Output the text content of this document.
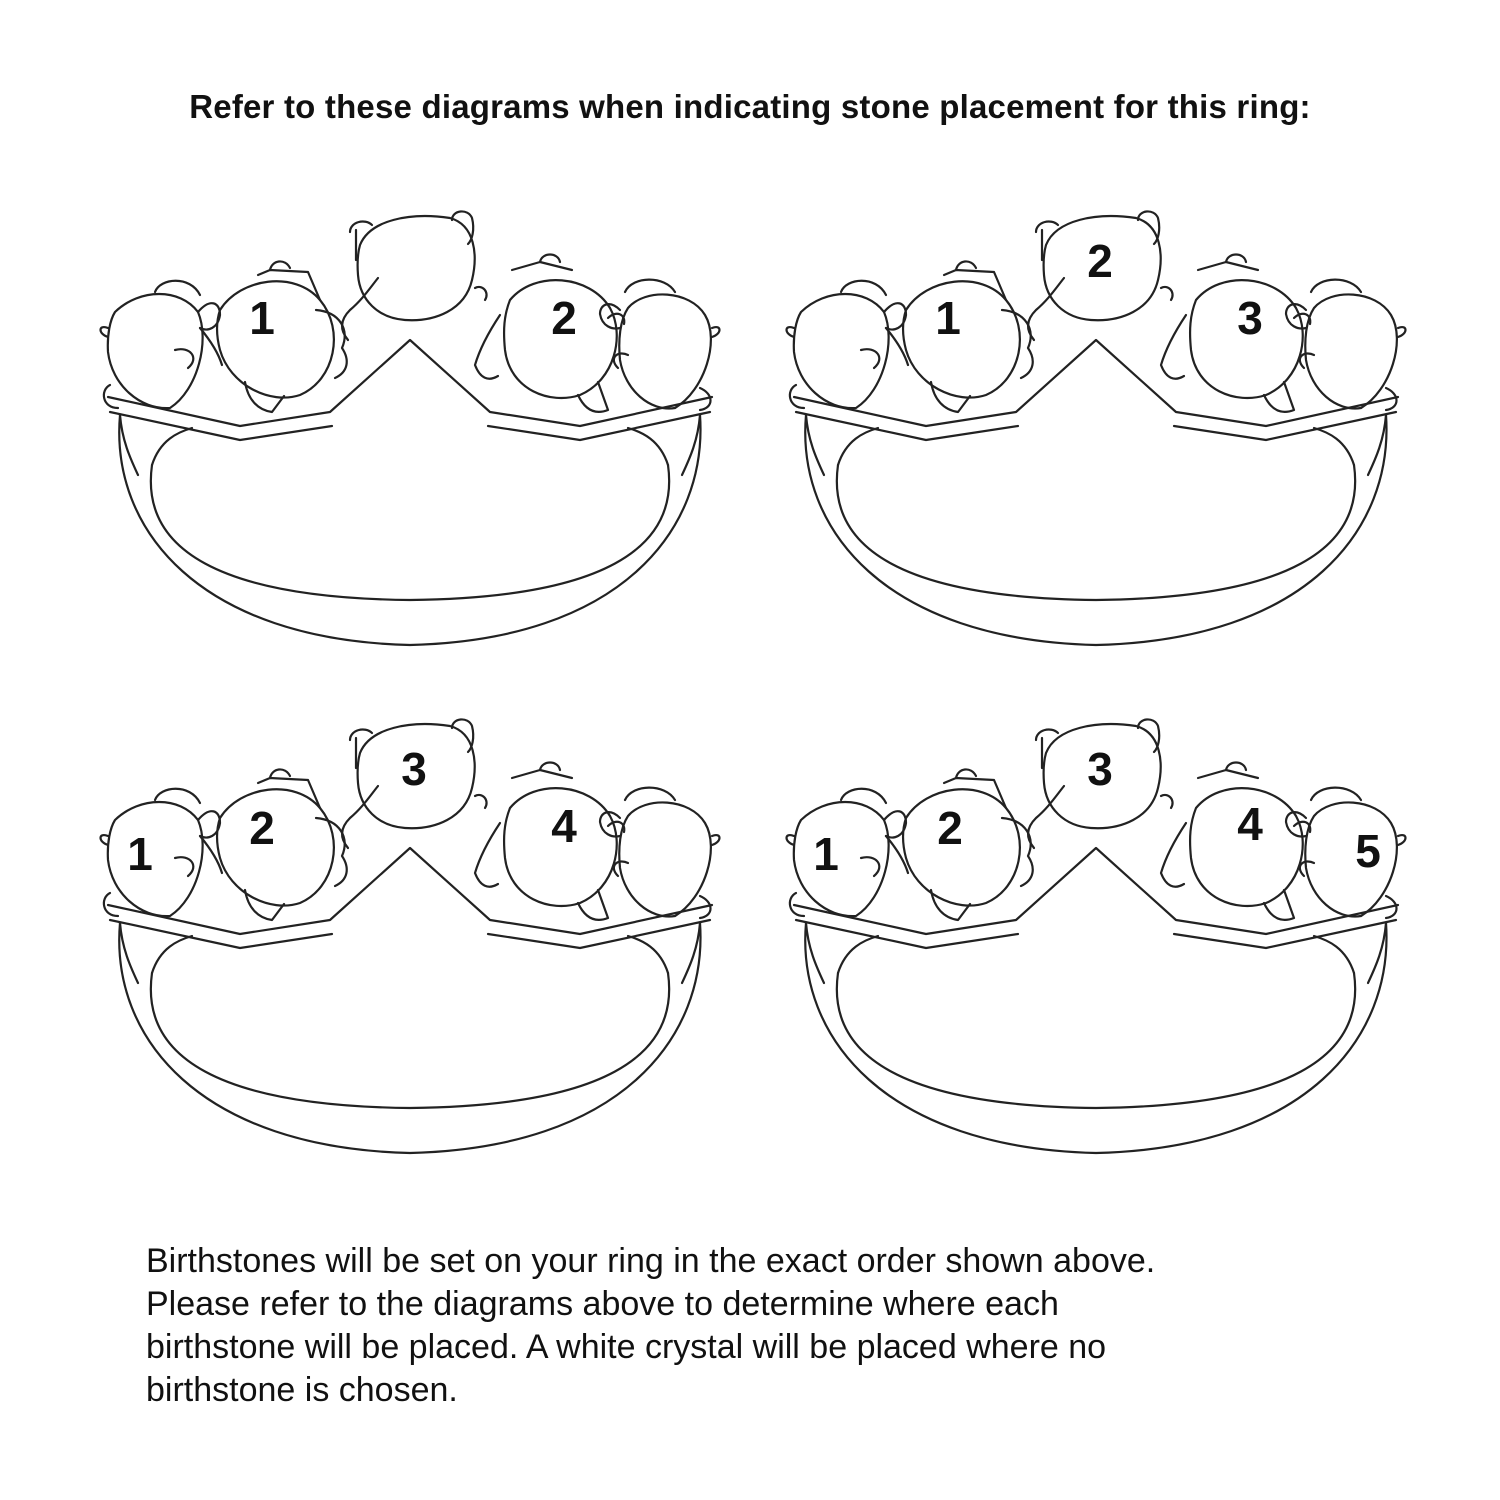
Refer to these diagrams when indicating stone placement for this ring:
1	2	1
2
3
1 2
3
4
1 2
3
4
5
Birthstones will be set on your ring in the exact order shown above.
Please refer to the diagrams above to determine where each
birthstone will be placed. A white crystal will be placed where no
birthstone is chosen.
